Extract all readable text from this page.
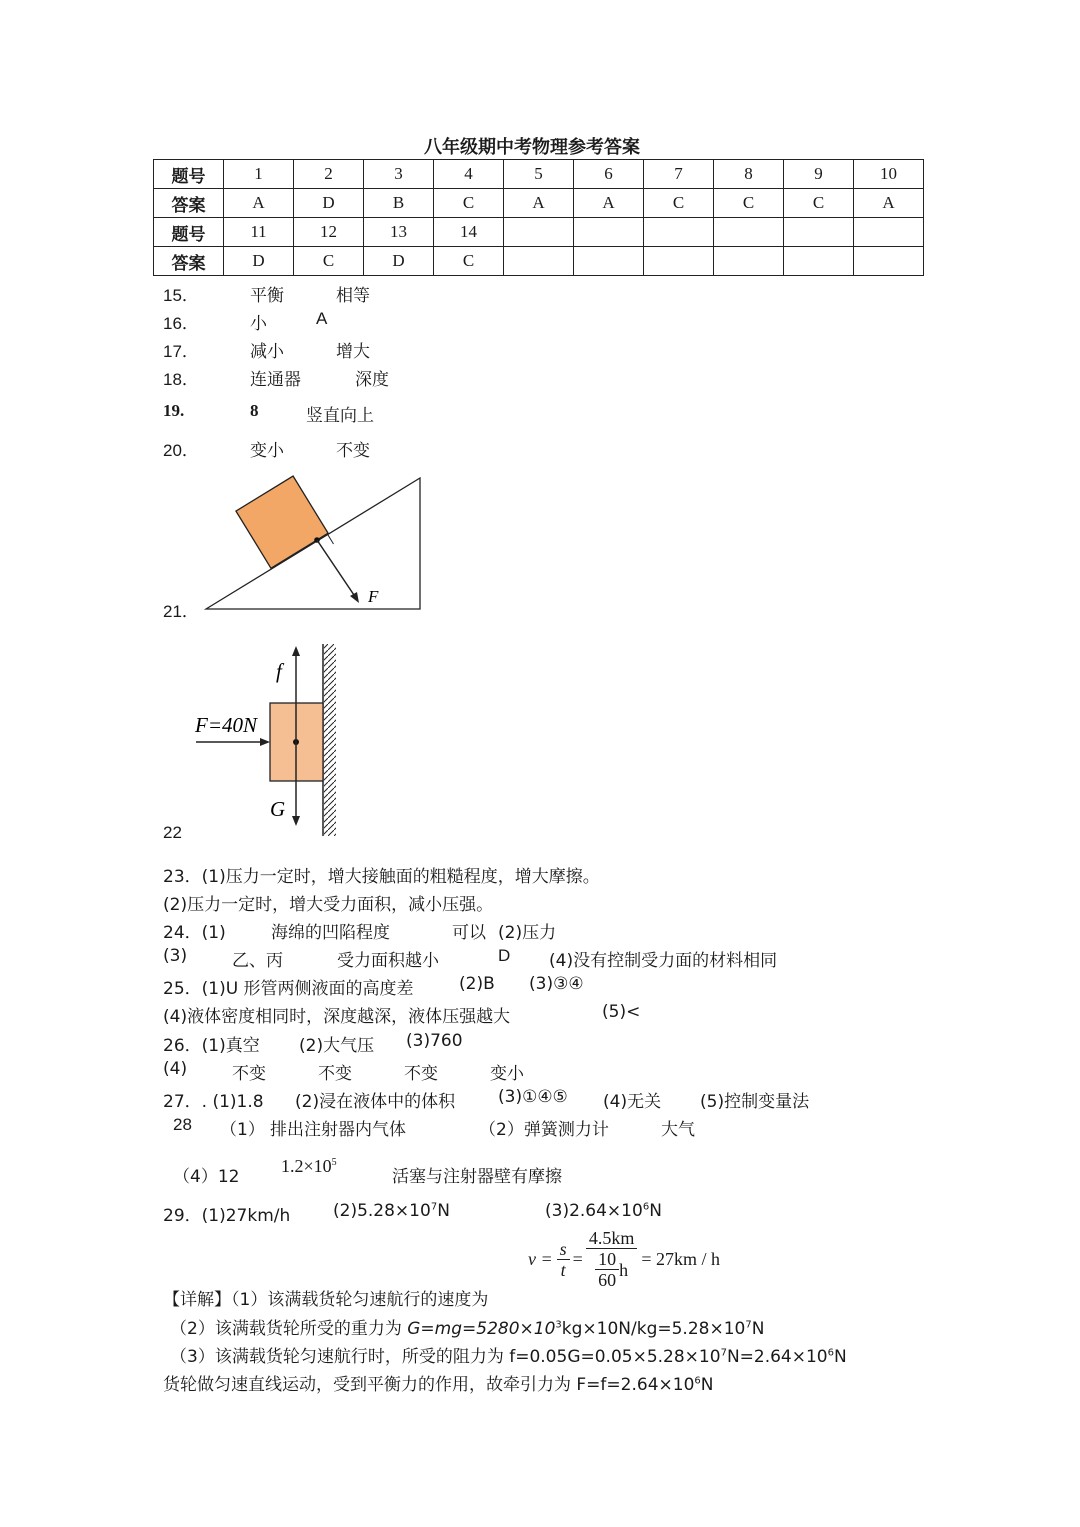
八年级期中考物理参考答案
题号	1	2	3	4	5	6	7	8	9	10
答案	A	D	B	C	A	A	C	C	C	A
题号	11	12	13	14						
答案	D	C	D	C						
15．	平衡	相等
16．	小	A
17．	减小	增大
18．	连通器	深度
19.	8	竖直向上
20．	变小	不变
21．
F
22
f
F=40N
G
23．(1)压力一定时，增大接触面的粗糙程度，增大摩擦。
(2)压力一定时，增大受力面积，减小压强。
24．(1)	海绵的凹陷程度	可以 (2)压力
(3)	乙、丙	受力面积越小	D (4)没有控制受力面的材料相同
25．(1)U 形管两侧液面的高度差	(2)B (3)③④
(4)液体密度相同时，深度越深，液体压强越大	(5)<
26．(1)真空 (2)大气压 (3)760
(4)	不变	不变	不变	变小
27．. (1)1.8 (2)浸在液体中的体积	(3)①④⑤ (4)无关 (5)控制变量法
28 （1） 排出注射器内气体	（2）弹簧测力计	大气
（4）12
$1.2\times 10^5$
活塞与注射器壁有摩擦
29．(1)27km/h	$(2)5.28\times 10^7N$	$(3)2.64\times 10^6N$
$v = \frac{s}{t} = \frac{4.5km}{\frac{10}{60} h} = 27km / h$
【详解】（1）该满载货轮匀速航行的速度为
（2）该满载货轮所受的重力为 $G=mg=5280\times 10^3kg\times 10N/kg=5.28\times 10^7N$
（3）该满载货轮匀速航行时，所受的阻力为 $f=0.05G=0.05\times 5.28\times 10^7N=2.64\times 10^6N$
货轮做匀速直线运动，受到平衡力的作用，故牵引力为 $F=f=2.64\times 10^6N$
